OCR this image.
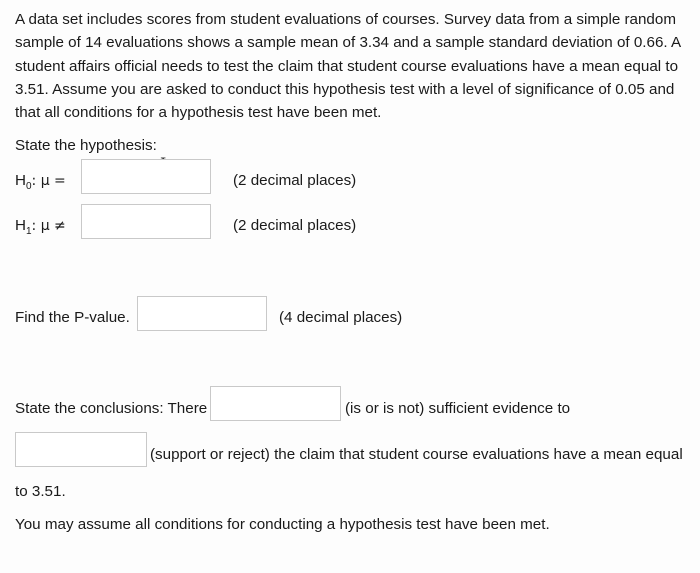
A data set includes scores from student evaluations of courses. Survey data from a simple random sample of 14 evaluations shows a sample mean of 3.34 and a sample standard deviation of 0.66. A student affairs official needs to test the claim that student course evaluations have a mean equal to 3.51. Assume you are asked to conduct this hypothesis test with a level of significance of 0.05 and that all conditions for a hypothesis test have been met.
State the hypothesis:
$H_0$: μ =	(2 decimal places)
$H_1$: μ ≠	(2 decimal places)
Find the P-value.	(4 decimal places)
State the conclusions: There	(is or is not) sufficient evidence to
(support or reject) the claim that student course evaluations have a mean equal
to 3.51.
You may assume all conditions for conducting a hypothesis test have been met.
